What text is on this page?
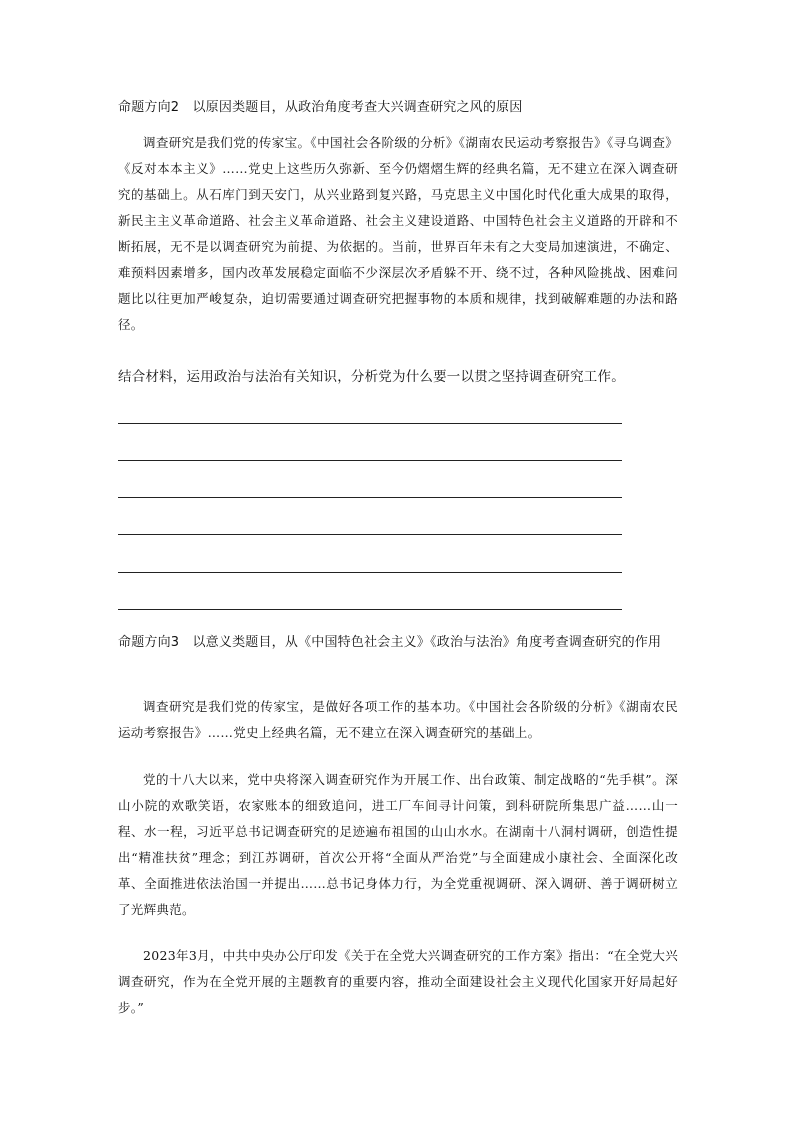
命题方向2　以原因类题目，从政治角度考查大兴调查研究之风的原因
调查研究是我们党的传家宝。《中国社会各阶级的分析》《湖南农民运动考察报告》《寻乌调查》《反对本本主义》……党史上这些历久弥新、至今仍熠熠生辉的经典名篇，无不建立在深入调查研究的基础上。从石库门到天安门，从兴业路到复兴路，马克思主义中国化时代化重大成果的取得，新民主主义革命道路、社会主义革命道路、社会主义建设道路、中国特色社会主义道路的开辟和不断拓展，无不是以调查研究为前提、为依据的。当前，世界百年未有之大变局加速演进，不确定、难预料因素增多，国内改革发展稳定面临不少深层次矛盾躲不开、绕不过，各种风险挑战、困难问题比以往更加严峻复杂，迫切需要通过调查研究把握事物的本质和规律，找到破解难题的办法和路径。
结合材料，运用政治与法治有关知识，分析党为什么要一以贯之坚持调查研究工作。
命题方向3　以意义类题目，从《中国特色社会主义》《政治与法治》角度考查调查研究的作用
调查研究是我们党的传家宝，是做好各项工作的基本功。《中国社会各阶级的分析》《湖南农民运动考察报告》……党史上经典名篇，无不建立在深入调查研究的基础上。
党的十八大以来，党中央将深入调查研究作为开展工作、出台政策、制定战略的“先手棋”。深山小院的欢歌笑语，农家账本的细致追问，进工厂车间寻计问策，到科研院所集思广益……山一程、水一程，习近平总书记调查研究的足迹遍布祖国的山山水水。在湖南十八洞村调研，创造性提出“精准扶贫”理念；到江苏调研，首次公开将“全面从严治党”与全面建成小康社会、全面深化改革、全面推进依法治国一并提出……总书记身体力行，为全党重视调研、深入调研、善于调研树立了光辉典范。
2023年3月，中共中央办公厅印发《关于在全党大兴调查研究的工作方案》指出：“在全党大兴调查研究，作为在全党开展的主题教育的重要内容，推动全面建设社会主义现代化国家开好局起好步。”
